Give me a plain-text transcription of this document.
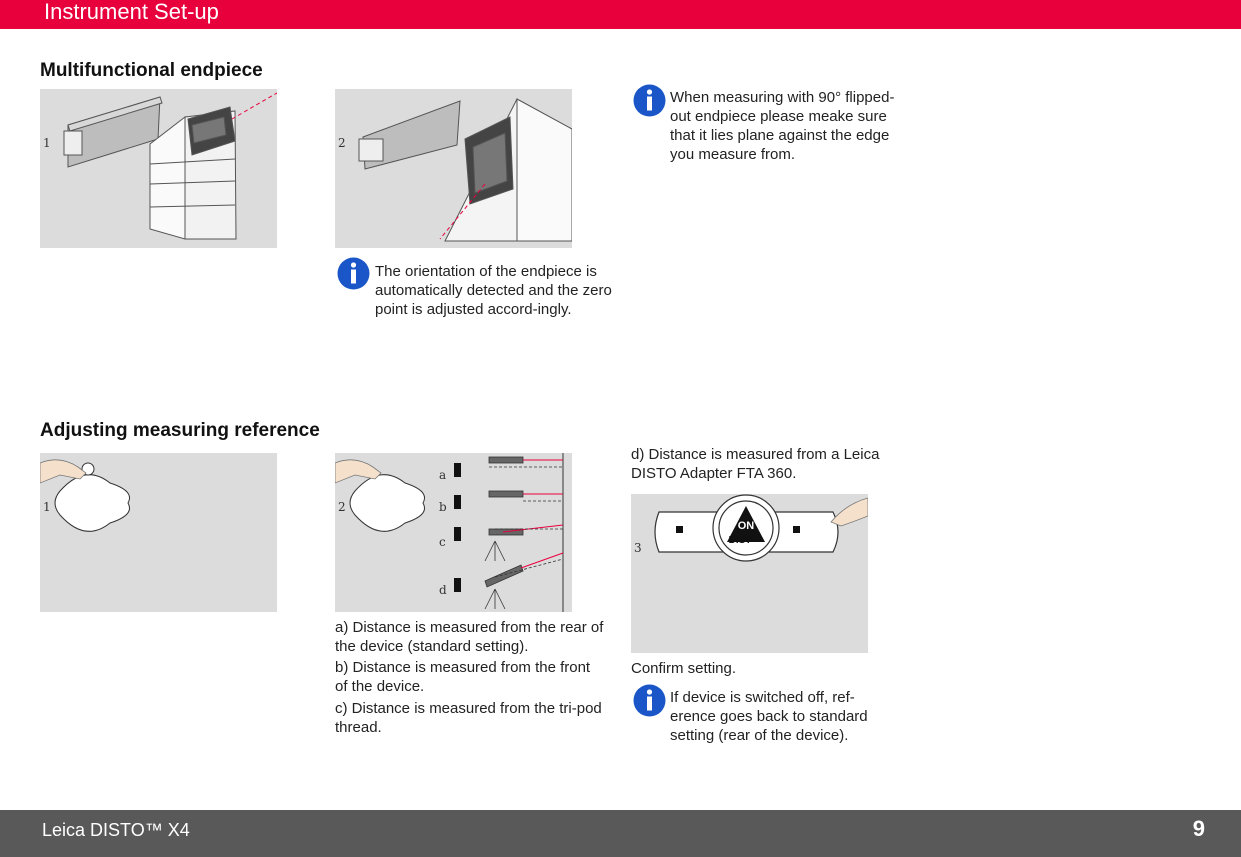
Instrument Set-up
Multifunctional endpiece
1	2
The orientation of the endpiece is automatically detected and the zero point is adjusted accord-ingly.
When measuring with 90° flipped-out endpiece please meake sure that it lies plane against the edge you measure from.
Adjusting measuring reference
1	2
a
b
c
d
a) Distance is measured from the rear of the device (standard setting).
b) Distance is measured from the front of the device.
c) Distance is measured from the tri-pod thread.
d) Distance is measured from a Leica DISTO Adapter FTA 360.
ON
DIST
3
Confirm setting.
If device is switched off, ref-erence goes back to standard setting (rear of the device).
Leica DISTO™ X4	9
